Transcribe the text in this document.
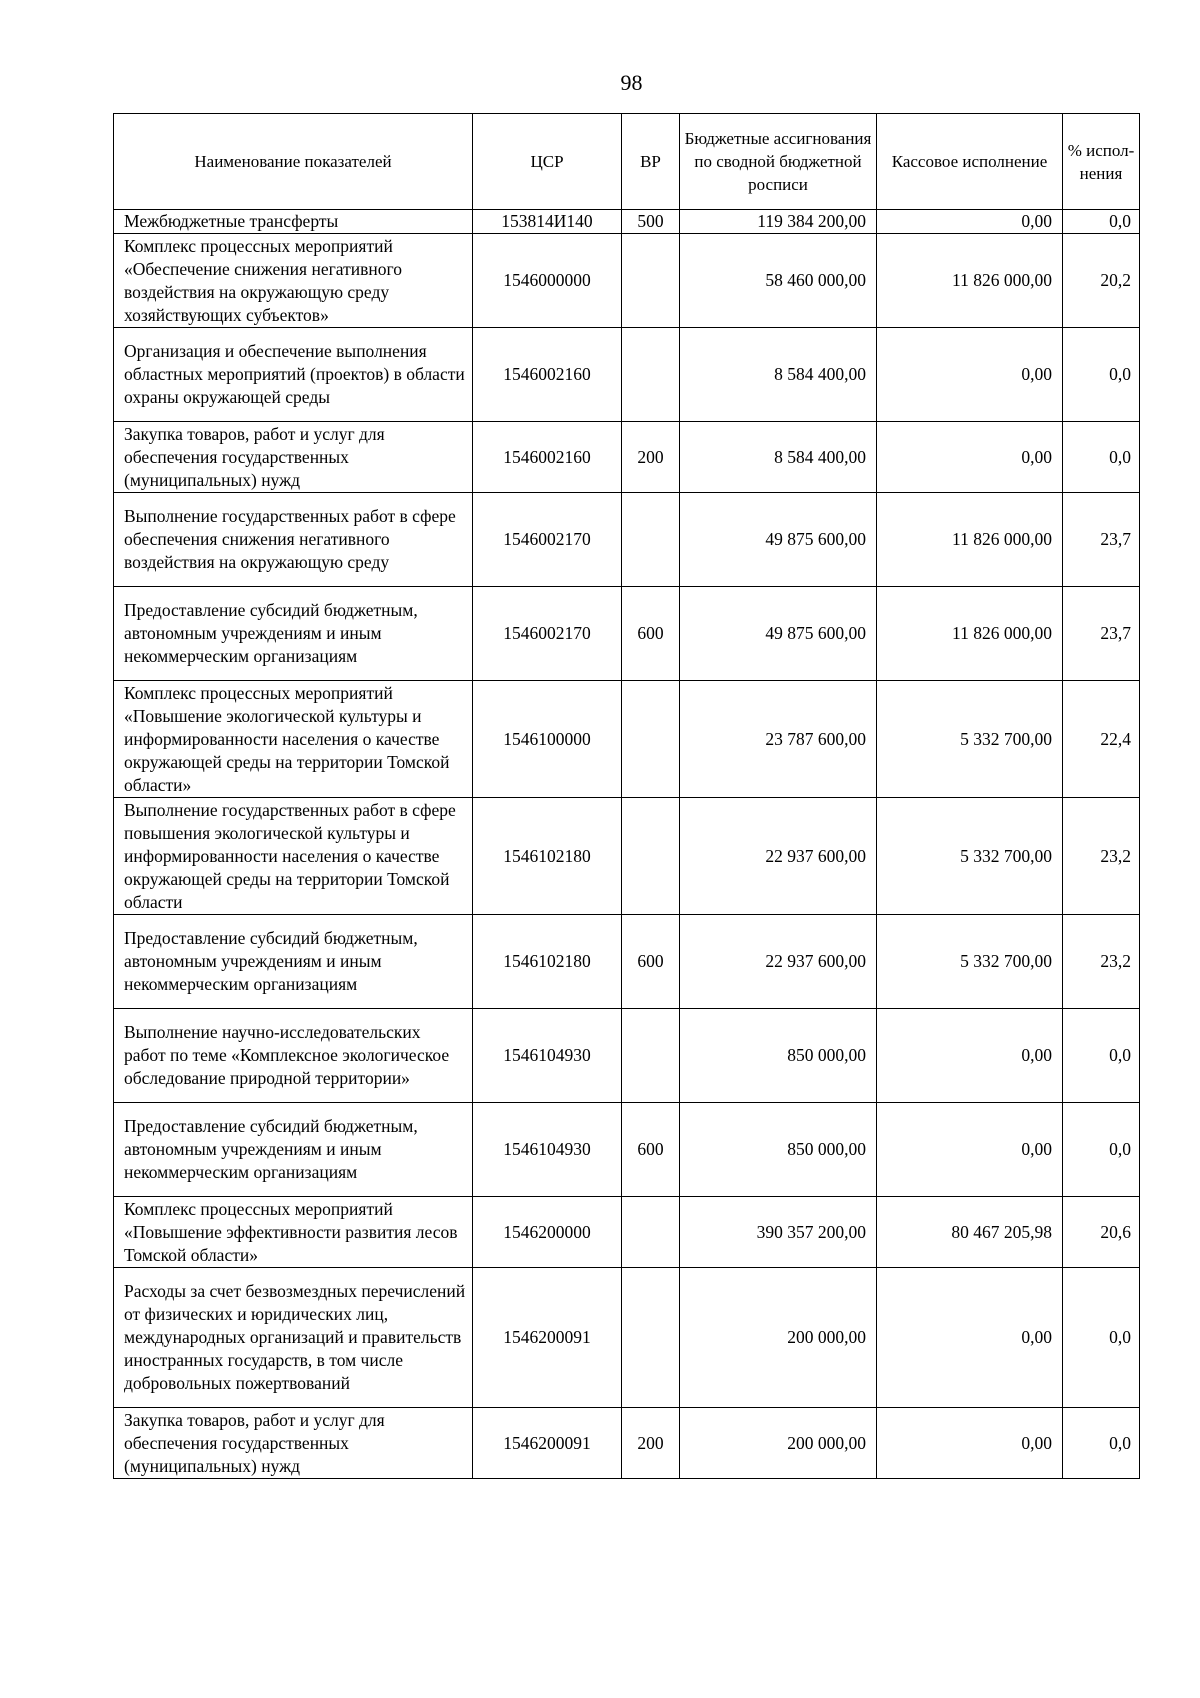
98
Наименование показателей	ЦСР	ВР	Бюджетные ассигнования по сводной бюджетной росписи	Кассовое исполнение	% испол-нения
Межбюджетные трансферты	153814И140	500	119 384 200,00	0,00	0,0
Комплекс процессных мероприятий «Обеспечение снижения негативного воздействия на окружающую среду хозяйствующих субъектов»	1546000000		58 460 000,00	11 826 000,00	20,2
Организация и обеспечение выполнения областных мероприятий (проектов) в области охраны окружающей среды	1546002160		8 584 400,00	0,00	0,0
Закупка товаров, работ и услуг для обеспечения государственных (муниципальных) нужд	1546002160	200	8 584 400,00	0,00	0,0
Выполнение государственных работ в сфере обеспечения снижения негативного воздействия на окружающую среду	1546002170		49 875 600,00	11 826 000,00	23,7
Предоставление субсидий бюджетным, автономным учреждениям и иным некоммерческим организациям	1546002170	600	49 875 600,00	11 826 000,00	23,7
Комплекс процессных мероприятий «Повышение экологической культуры и информированности населения о качестве окружающей среды на территории Томской области»	1546100000		23 787 600,00	5 332 700,00	22,4
Выполнение государственных работ в сфере повышения экологической культуры и информированности населения о качестве окружающей среды на территории Томской области	1546102180		22 937 600,00	5 332 700,00	23,2
Предоставление субсидий бюджетным, автономным учреждениям и иным некоммерческим организациям	1546102180	600	22 937 600,00	5 332 700,00	23,2
Выполнение научно-исследовательских работ по теме «Комплексное экологическое обследование природной территории»	1546104930		850 000,00	0,00	0,0
Предоставление субсидий бюджетным, автономным учреждениям и иным некоммерческим организациям	1546104930	600	850 000,00	0,00	0,0
Комплекс процессных мероприятий «Повышение эффективности развития лесов Томской области»	1546200000		390 357 200,00	80 467 205,98	20,6
Расходы за счет безвозмездных перечислений от физических и юридических лиц, международных организаций и правительств иностранных государств, в том числе добровольных пожертвований	1546200091		200 000,00	0,00	0,0
Закупка товаров, работ и услуг для обеспечения государственных (муниципальных) нужд	1546200091	200	200 000,00	0,00	0,0
